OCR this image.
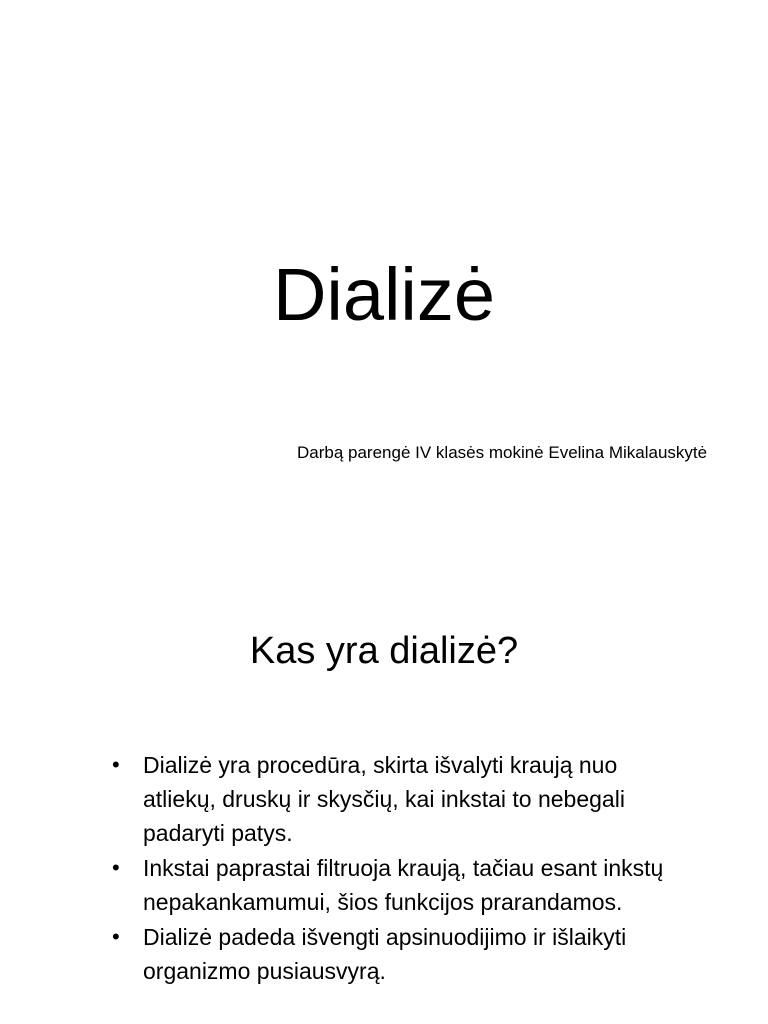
Dializė

Darbą parengė IV klasės mokinė Evelina Mikalauskytė

Kas yra dializė?
• Dializė yra procedūra, skirta išvalyti kraują nuo atliekų, druskų ir skysčių, kai inkstai to nebegali padaryti patys.
• Inkstai paprastai filtruoja kraują, tačiau esant inkstų nepakankamumui, šios funkcijos prarandamos.
• Dializė padeda išvengti apsinuodijimo ir išlaikyti organizmo pusiausvyrą.
